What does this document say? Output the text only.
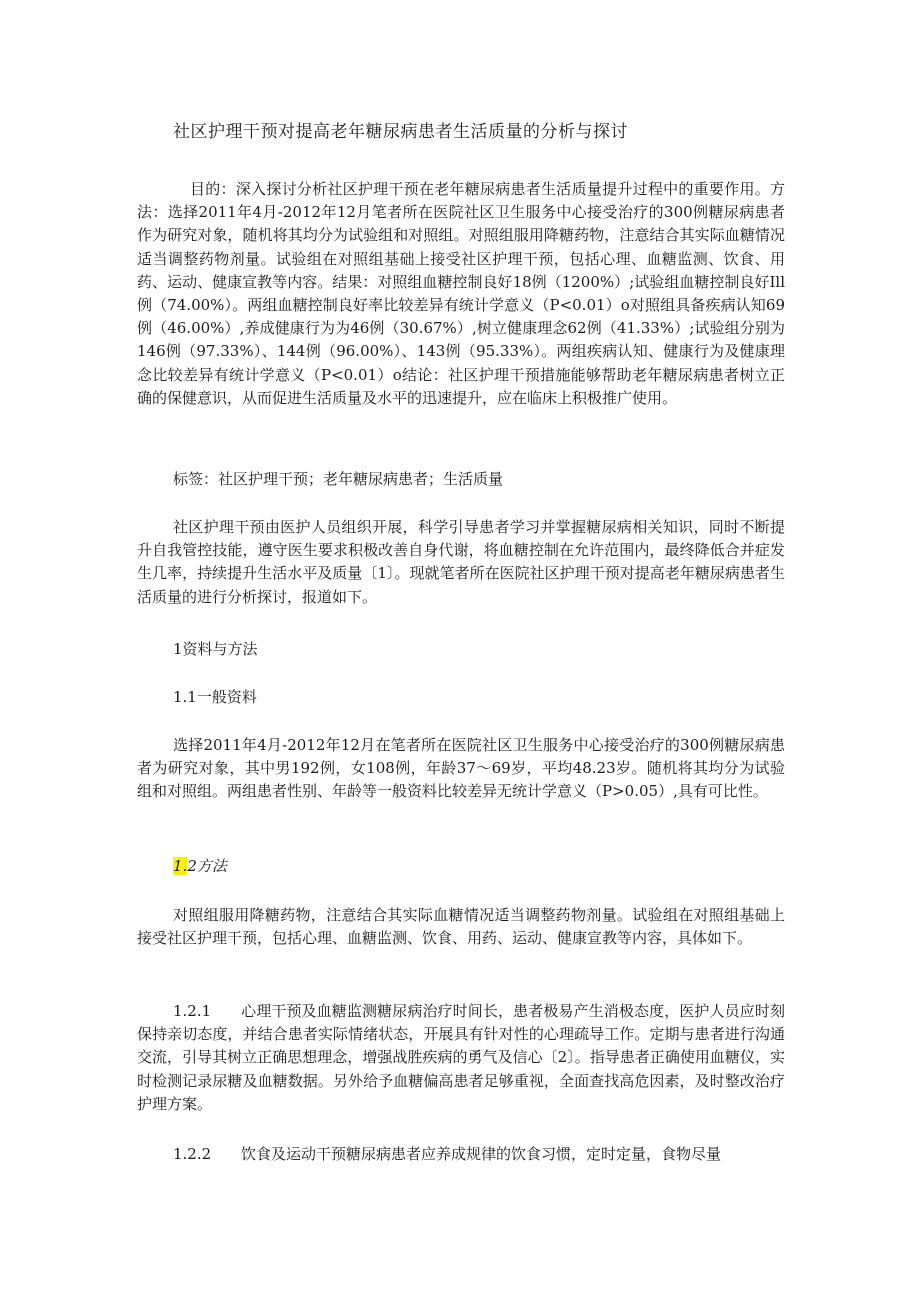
社区护理干预对提高老年糖尿病患者生活质量的分析与探讨

目的：深入探讨分析社区护理干预在老年糖尿病患者生活质量提升过程中的重要作用。方法：选择2011年4月-2012年12月笔者所在医院社区卫生服务中心接受治疗的300例糖尿病患者作为研究对象，随机将其均分为试验组和对照组。对照组服用降糖药物，注意结合其实际血糖情况适当调整药物剂量。试验组在对照组基础上接受社区护理干预，包括心理、血糖监测、饮食、用药、运动、健康宣教等内容。结果：对照组血糖控制良好18例（1200%）;试验组血糖控制良好Ill例（74.00%）。两组血糖控制良好率比较差异有统计学意义（P<0.01）o对照组具备疾病认知69例（46.00%）,养成健康行为为46例（30.67%）,树立健康理念62例（41.33%）;试验组分别为146例（97.33%）、144例（96.00%）、143例（95.33%）。两组疾病认知、健康行为及健康理念比较差异有统计学意义（P<0.01）o结论：社区护理干预措施能够帮助老年糖尿病患者树立正确的保健意识，从而促进生活质量及水平的迅速提升，应在临床上积极推广使用。

标签：社区护理干预；老年糖尿病患者；生活质量

社区护理干预由医护人员组织开展，科学引导患者学习并掌握糖尿病相关知识，同时不断提升自我管控技能，遵守医生要求积极改善自身代谢，将血糖控制在允许范围内，最终降低合并症发生几率，持续提升生活水平及质量〔1〕。现就笔者所在医院社区护理干预对提高老年糖尿病患者生活质量的进行分析探讨，报道如下。

1资料与方法

1.1一般资料

选择2011年4月-2012年12月在笔者所在医院社区卫生服务中心接受治疗的300例糖尿病患者为研究对象，其中男192例，女108例，年龄37～69岁，平均48.23岁。随机将其均分为试验组和对照组。两组患者性别、年龄等一般资料比较差异无统计学意义（P>0.05）,具有可比性。

1.2方法

对照组服用降糖药物，注意结合其实际血糖情况适当调整药物剂量。试验组在对照组基础上接受社区护理干预，包括心理、血糖监测、饮食、用药、运动、健康宣教等内容，具体如下。

1.2.1 心理干预及血糖监测糖尿病治疗时间长，患者极易产生消极态度，医护人员应时刻保持亲切态度，并结合患者实际情绪状态，开展具有针对性的心理疏导工作。定期与患者进行沟通交流，引导其树立正确思想理念，增强战胜疾病的勇气及信心〔2〕。指导患者正确使用血糖仪，实时检测记录尿糖及血糖数据。另外给予血糖偏高患者足够重视，全面查找高危因素，及时整改治疗护理方案。

1.2.2 饮食及运动干预糖尿病患者应养成规律的饮食习惯，定时定量，食物尽量
